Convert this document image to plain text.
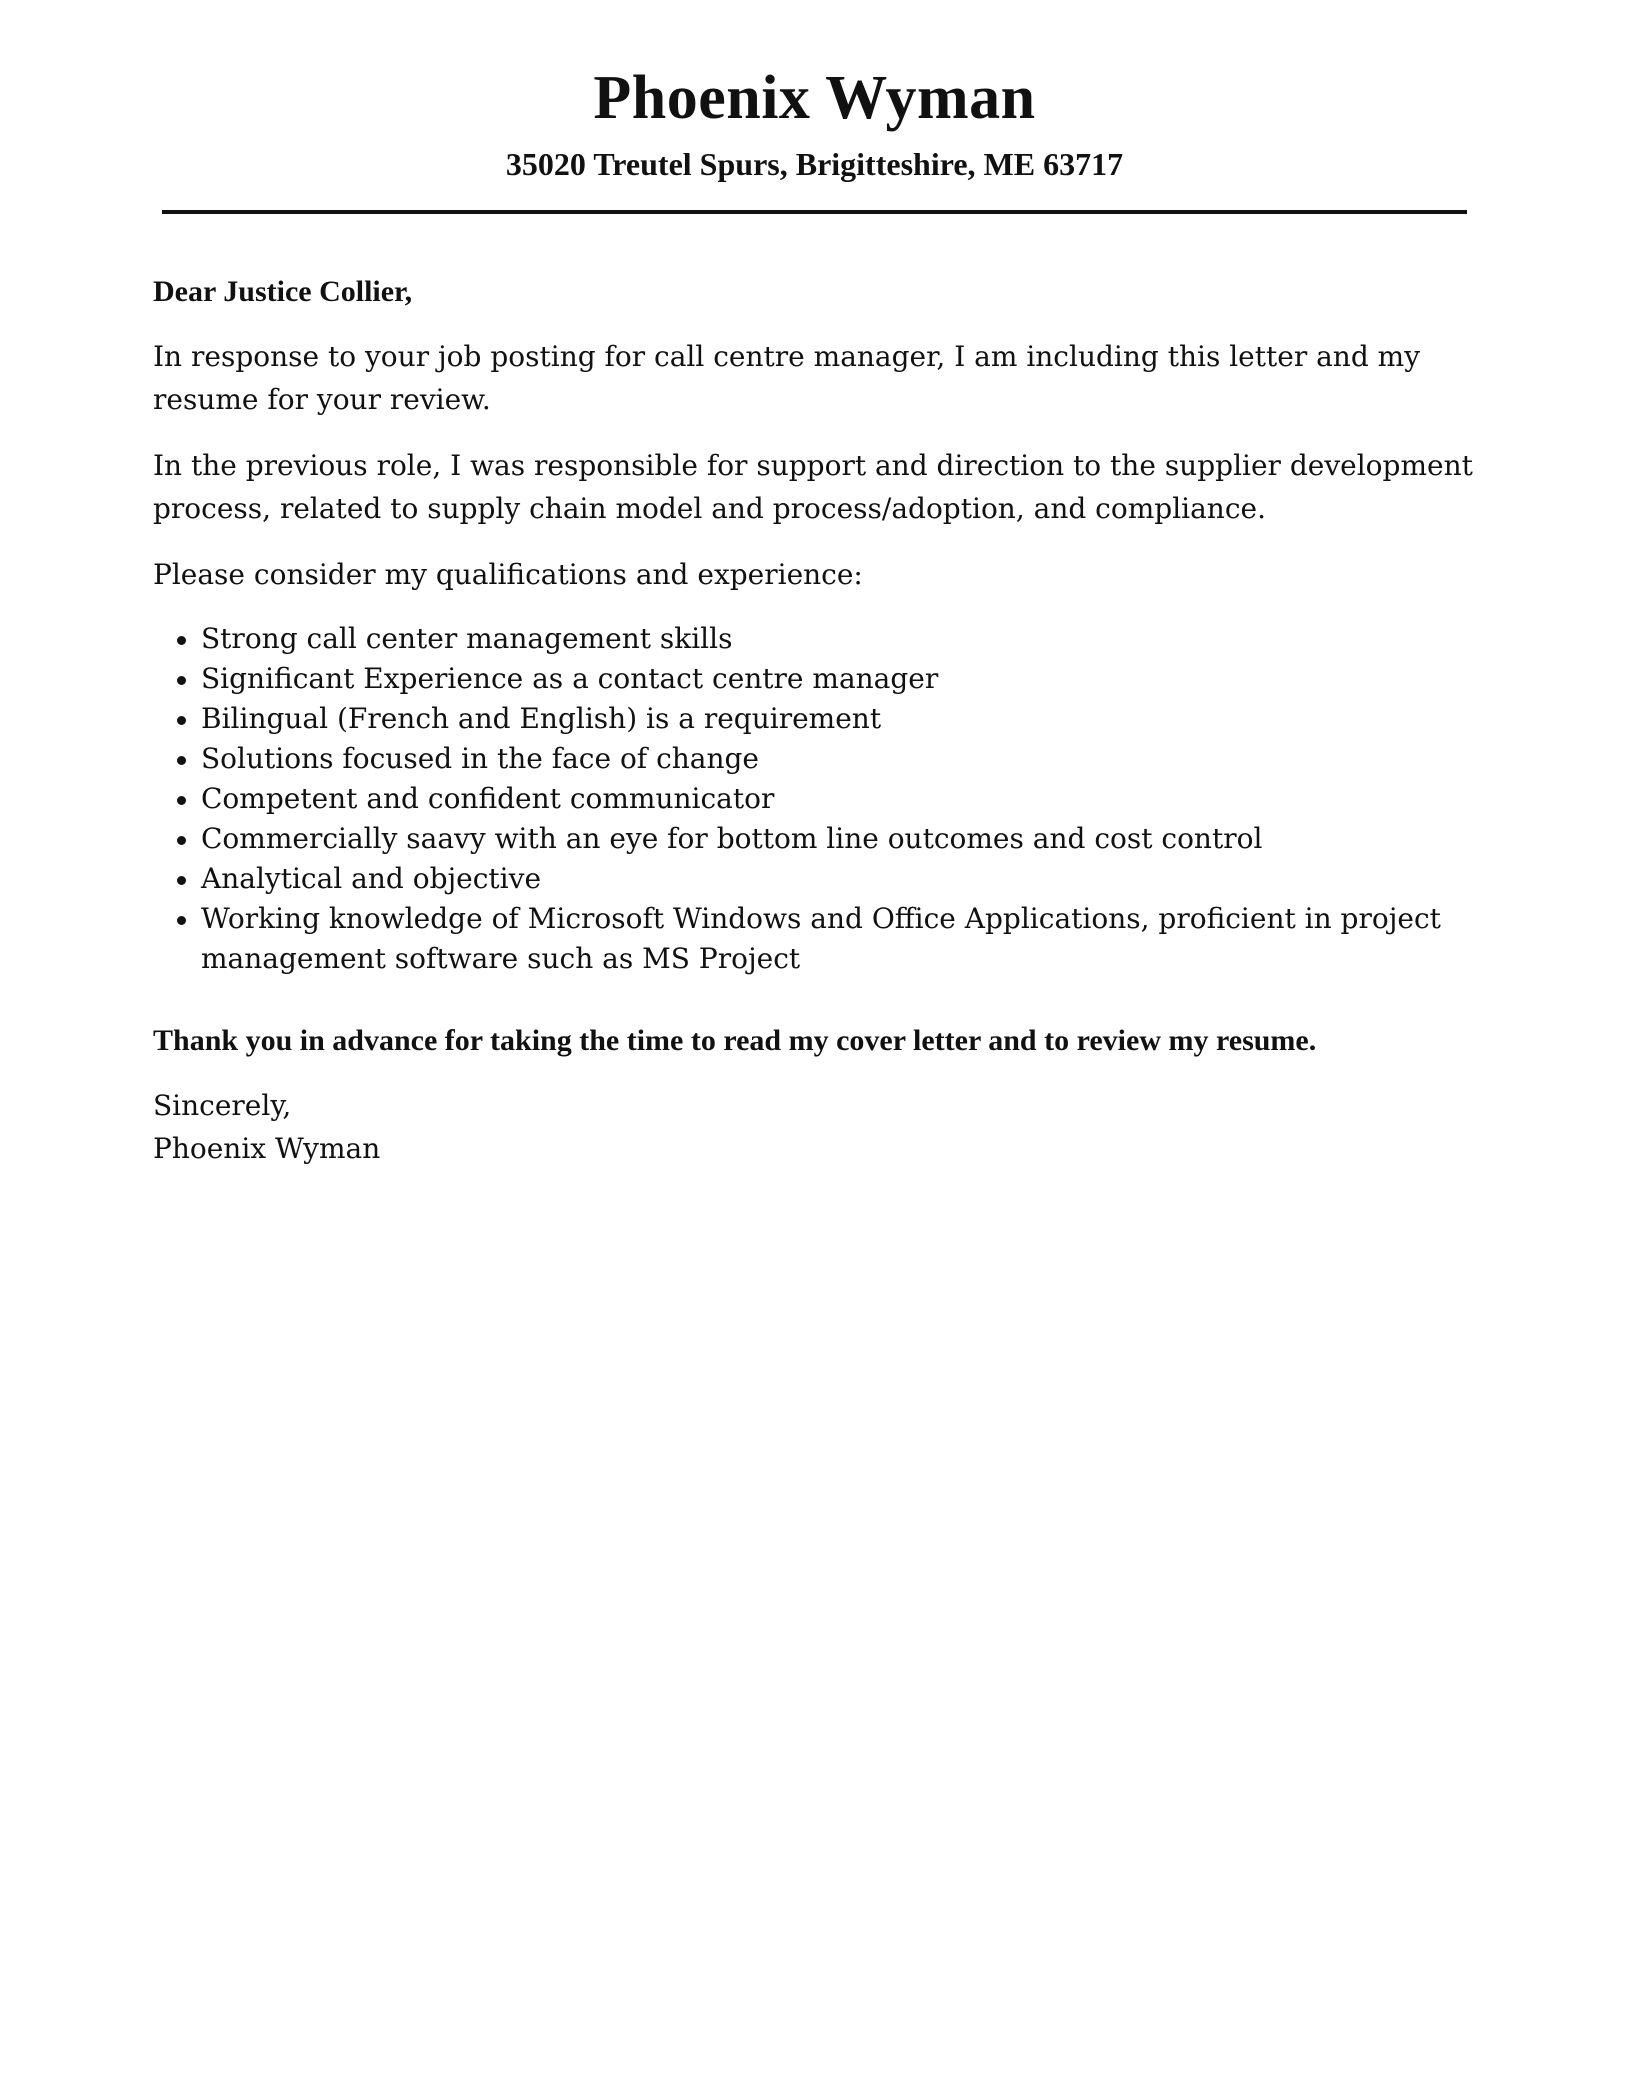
Phoenix Wyman
35020 Treutel Spurs, Brigitteshire, ME 63717
Dear Justice Collier,

In response to your job posting for call centre manager, I am including this letter and my resume for your review.

In the previous role, I was responsible for support and direction to the supplier development process, related to supply chain model and process/adoption, and compliance.

Please consider my qualifications and experience:

Strong call center management skills
Significant Experience as a contact centre manager
Bilingual (French and English) is a requirement
Solutions focused in the face of change
Competent and confident communicator
Commercially saavy with an eye for bottom line outcomes and cost control
Analytical and objective
Working knowledge of Microsoft Windows and Office Applications, proficient in project management software such as MS Project
Thank you in advance for taking the time to read my cover letter and to review my resume.
Sincerely,
Phoenix Wyman
